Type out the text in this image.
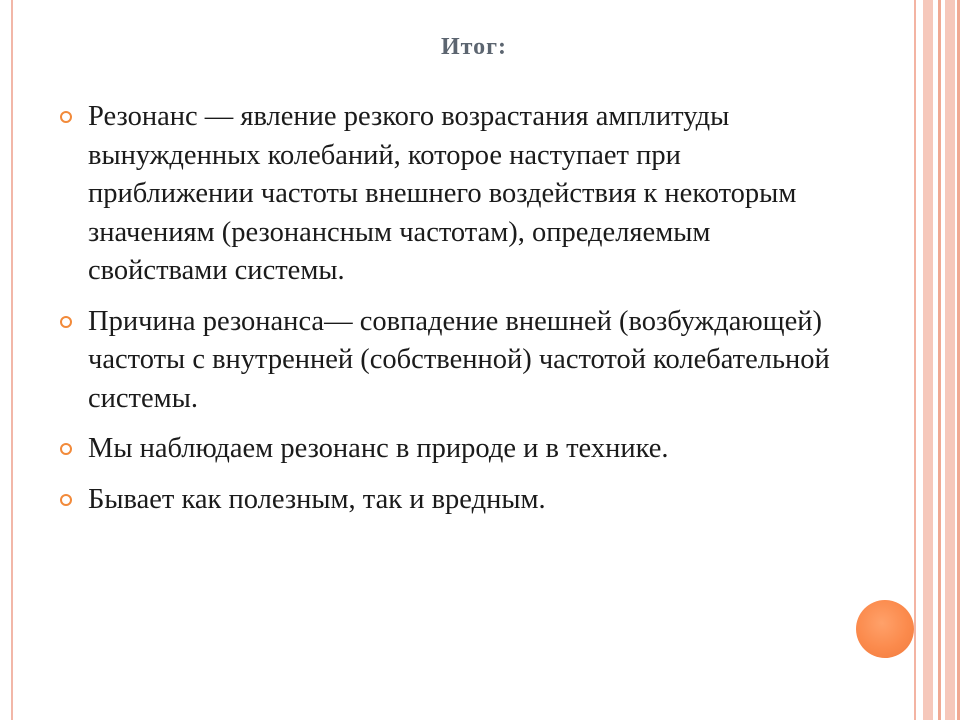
Итог:
Резонанс — явление резкого возрастания амплитуды вынужденных колебаний, которое наступает при приближении частоты внешнего воздействия к некоторым значениям (резонансным частотам), определяемым свойствами системы.
Причина резонанса— совпадение внешней (возбуждающей) частоты с внутренней (собственной) частотой колебательной системы.
Мы наблюдаем резонанс в природе и в технике.
Бывает как полезным, так и вредным.
